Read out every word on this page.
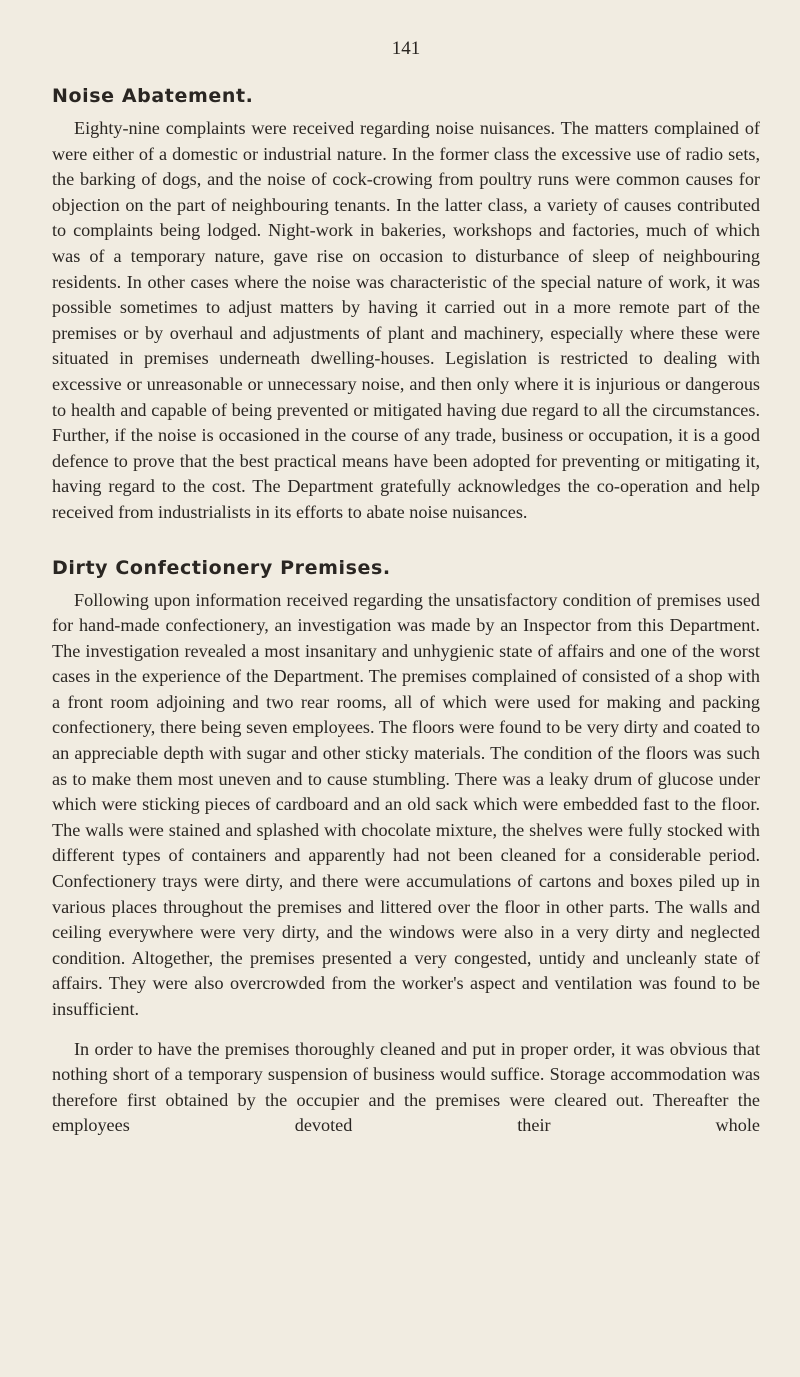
141
Noise Abatement.

Eighty-nine complaints were received regarding noise nuisances. The matters complained of were either of a domestic or industrial nature. In the former class the excessive use of radio sets, the barking of dogs, and the noise of cock-crowing from poultry runs were common causes for objection on the part of neighbouring tenants. In the latter class, a variety of causes contributed to complaints being lodged. Night-work in bakeries, workshops and factories, much of which was of a temporary nature, gave rise on occasion to disturbance of sleep of neighbouring residents. In other cases where the noise was characteristic of the special nature of work, it was possible sometimes to adjust matters by having it carried out in a more remote part of the premises or by overhaul and adjustments of plant and machinery, especially where these were situated in premises underneath dwelling-houses. Legislation is restricted to dealing with excessive or unreasonable or unnecessary noise, and then only where it is injurious or dangerous to health and capable of being prevented or mitigated having due regard to all the circumstances. Further, if the noise is occasioned in the course of any trade, business or occupation, it is a good defence to prove that the best practical means have been adopted for preventing or mitigating it, having regard to the cost. The Department gratefully acknowledges the co-operation and help received from industrialists in its efforts to abate noise nuisances.

Dirty Confectionery Premises.

Following upon information received regarding the unsatisfactory condition of premises used for hand-made confectionery, an investigation was made by an Inspector from this Department. The investigation revealed a most insanitary and unhygienic state of affairs and one of the worst cases in the experience of the Department. The premises complained of consisted of a shop with a front room adjoining and two rear rooms, all of which were used for making and packing confectionery, there being seven employees. The floors were found to be very dirty and coated to an appreciable depth with sugar and other sticky materials. The condition of the floors was such as to make them most uneven and to cause stumbling. There was a leaky drum of glucose under which were sticking pieces of cardboard and an old sack which were embedded fast to the floor. The walls were stained and splashed with chocolate mixture, the shelves were fully stocked with different types of containers and apparently had not been cleaned for a considerable period. Confectionery trays were dirty, and there were accumulations of cartons and boxes piled up in various places throughout the premises and littered over the floor in other parts. The walls and ceiling everywhere were very dirty, and the windows were also in a very dirty and neglected condition. Altogether, the premises presented a very congested, untidy and uncleanly state of affairs. They were also overcrowded from the worker's aspect and ventilation was found to be insufficient.

In order to have the premises thoroughly cleaned and put in proper order, it was obvious that nothing short of a temporary suspension of business would suffice. Storage accommodation was therefore first obtained by the occupier and the premises were cleared out. Thereafter the employees devoted their whole
